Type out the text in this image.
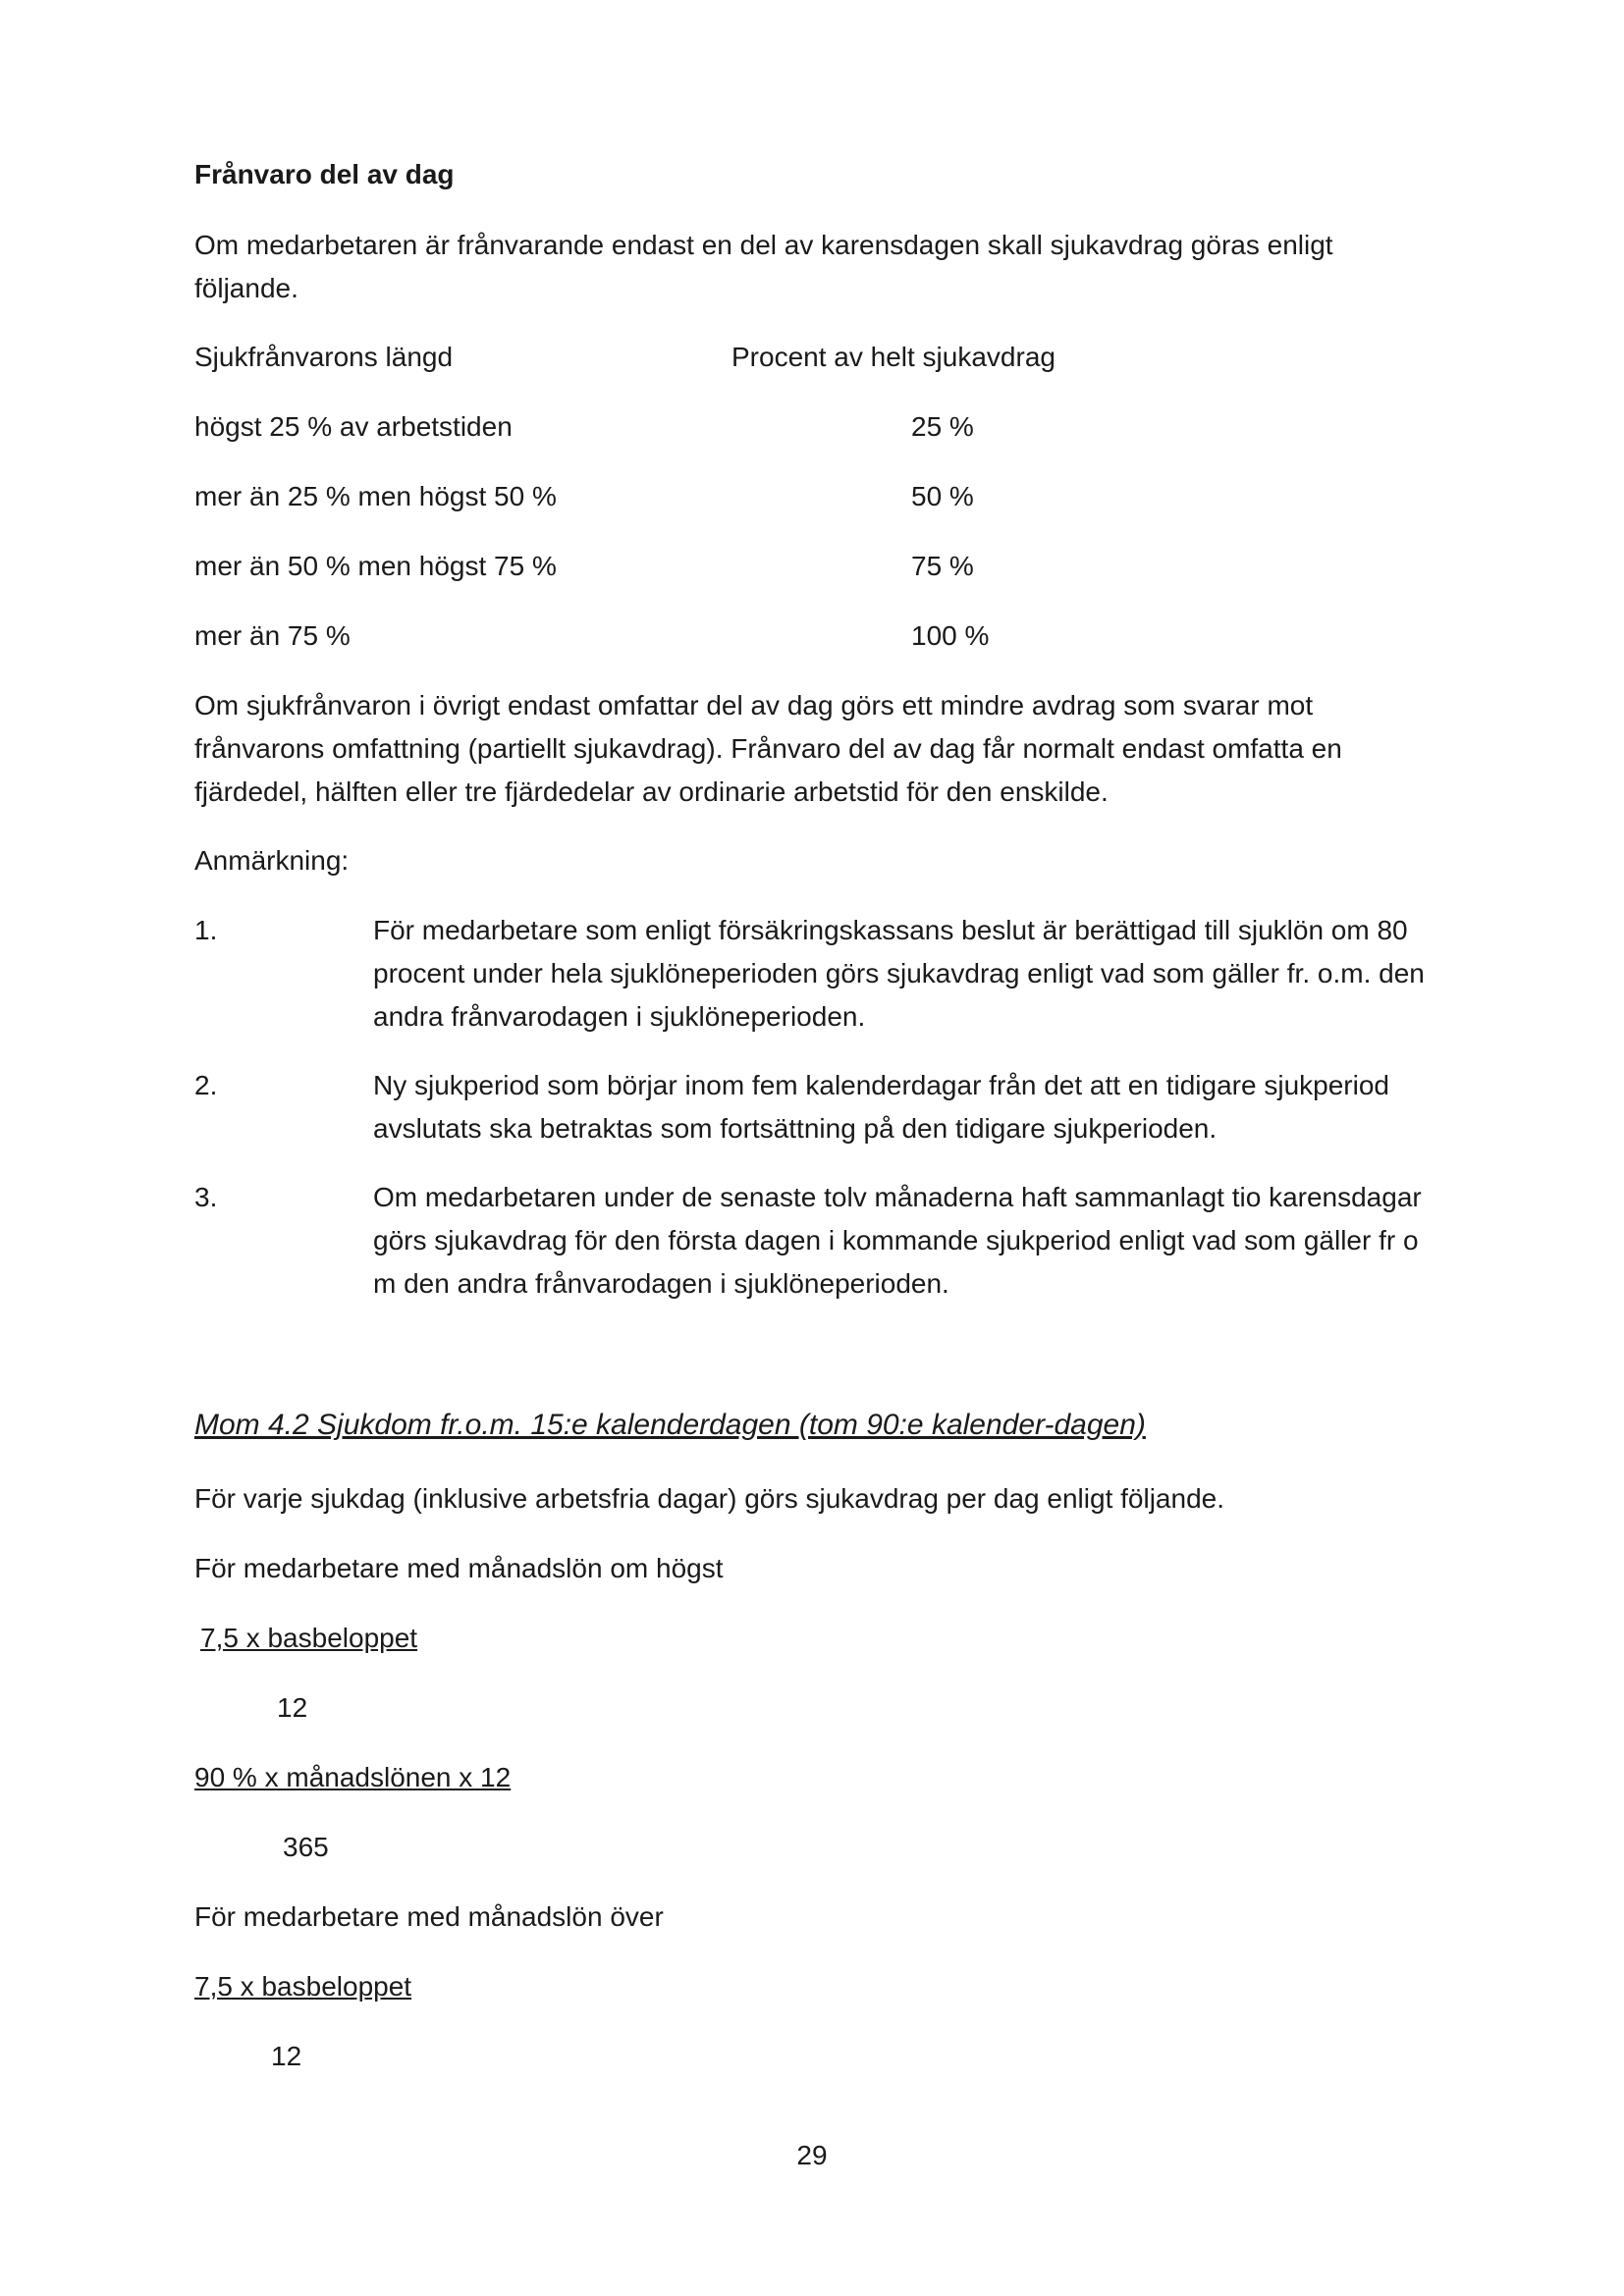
Frånvaro del av dag
Om medarbetaren är frånvarande endast en del av karensdagen skall sjukavdrag göras enligt följande.
Sjukfrånvarons längd	Procent av helt sjukavdrag
högst 25 % av arbetstiden	25 %
mer än 25 % men högst 50 %	50 %
mer än 50 % men högst 75 %	75 %
mer än 75 %	100 %
Om sjukfrånvaron i övrigt endast omfattar del av dag görs ett mindre avdrag som svarar mot frånvarons omfattning (partiellt sjukavdrag). Frånvaro del av dag får normalt endast omfatta en fjärdedel, hälften eller tre fjärdedelar av ordinarie arbetstid för den enskilde.
Anmärkning:
1.	För medarbetare som enligt försäkringskassans beslut är berättigad till sjuklön om 80 procent under hela sjuklöneperioden görs sjukavdrag enligt vad som gäller fr. o.m. den andra frånvarodagen i sjuklöneperioden.
2.	Ny sjukperiod som börjar inom fem kalenderdagar från det att en tidigare sjukperiod avslutats ska betraktas som fortsättning på den tidigare sjukperioden.
3.	Om medarbetaren under de senaste tolv månaderna haft sammanlagt tio karensdagar görs sjukavdrag för den första dagen i kommande sjukperiod enligt vad som gäller fr o m den andra frånvarodagen i sjuklöneperioden.
Mom 4.2 Sjukdom fr.o.m. 15:e kalenderdagen (tom 90:e kalender-dagen)
För varje sjukdag (inklusive arbetsfria dagar) görs sjukavdrag per dag enligt följande.
För medarbetare med månadslön om högst
7,5 x basbeloppet
12
90 % x månadslönen x 12
365
För medarbetare med månadslön över
7,5 x basbeloppet
12
29
